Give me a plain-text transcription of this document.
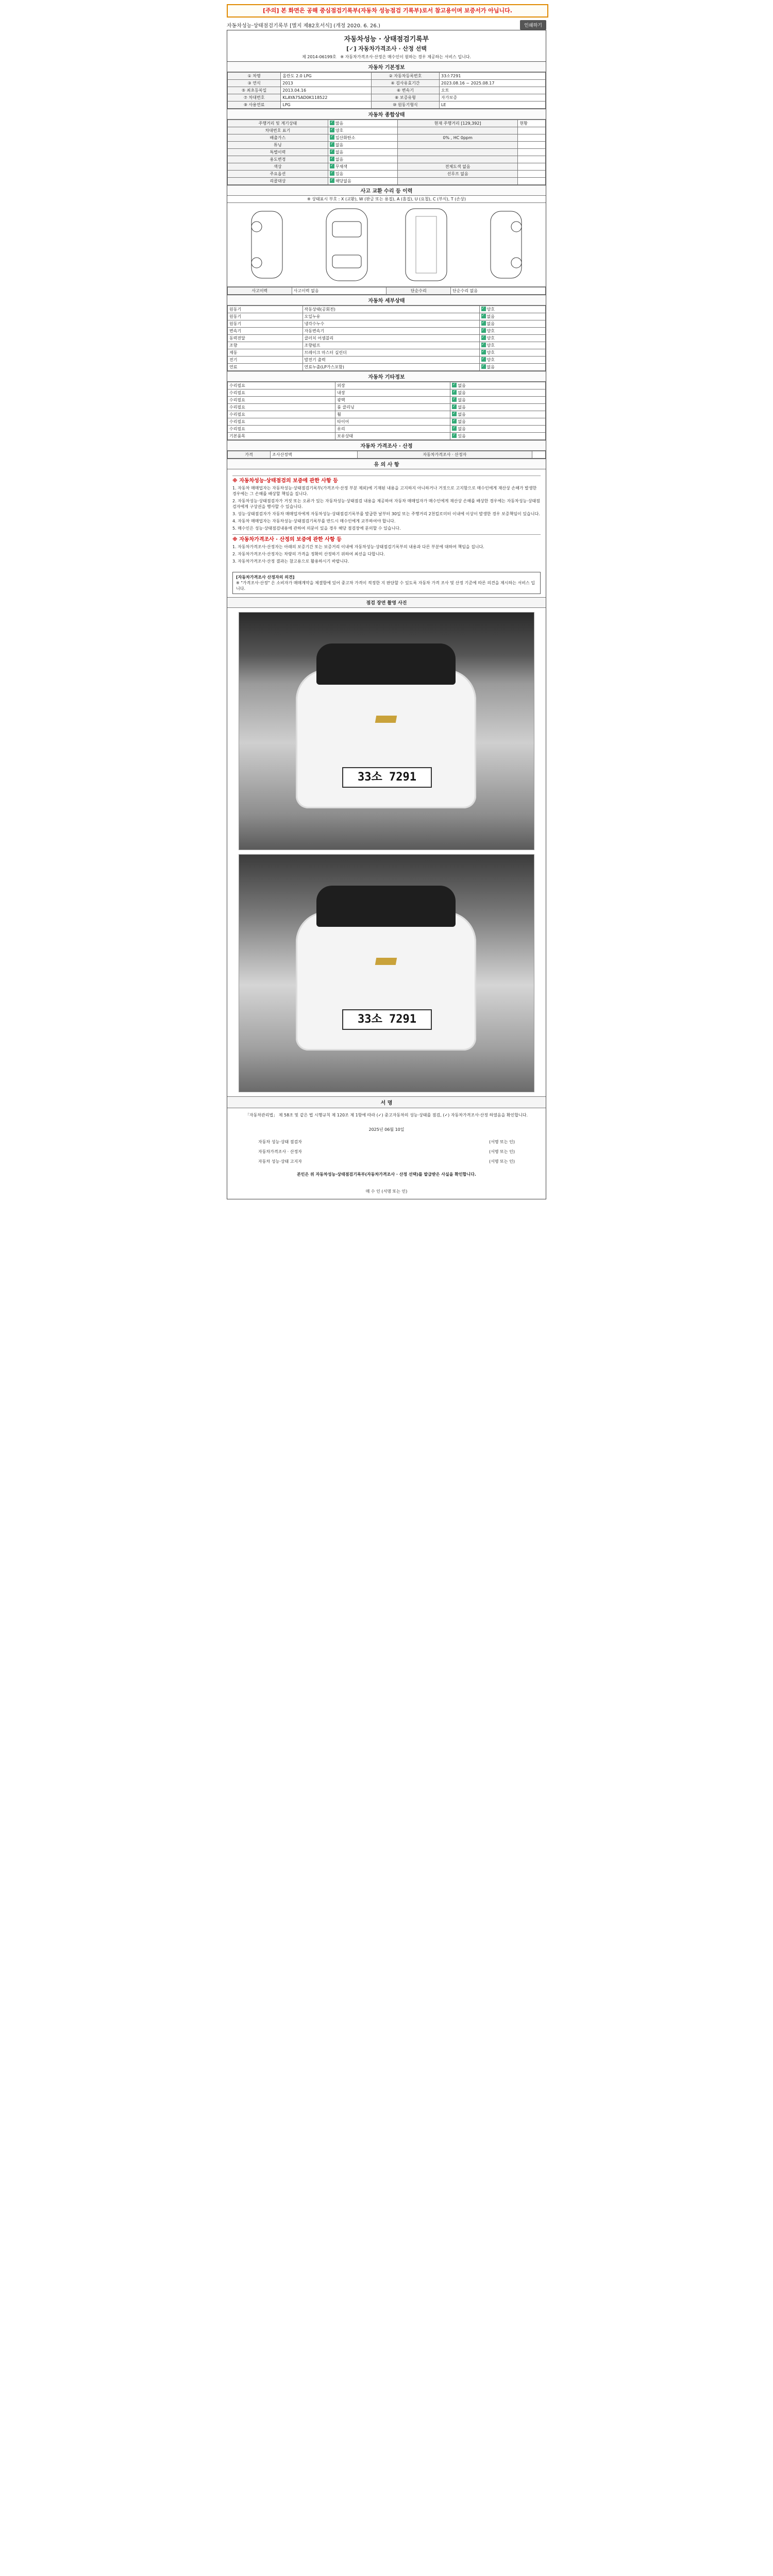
[주의] 본 화면은 공해 중심점검기록부(자동차 성능점검 기록부)로서 참고용이며 보증서가 아닙니다.
자동차성능·상태점검기록부 [별지 제82호서식] (개정 2020. 6. 26.)	인쇄하기
자동차성능 · 상태점검기록부
[✓] 자동차가격조사 · 산정 선택
제 2014-06199호 ※ 자동차가격조사·산정은 매수인이 원하는 경우 제공하는 서비스 입니다.
자동차 기본정보
① 차명	올란도 2.0 LPG	② 자동차등록번호	33소7291
③ 연식	2013	④ 검사유효기간	2023.08.16 ~ 2025.08.17
⑤ 최초등록일	2013.04.16	⑥ 변속기	오토
⑦ 차대번호	KLAYA75AD0K118522	⑧ 보증유형	자가보증
⑨ 사용연료	LPG	⑩ 원동기형식	LE
자동차 종합상태
주행거리 및 계기상태	✓많음	현재 주행거리 [129,392]	현황
차대번호 표기	✓양호		
배출가스	✓일산화탄소	0% , HC 0ppm	
튜닝	✓없음		
특별이력	✓없음		
용도변경	✓없음		
색상	✓무채색	전체도색 없음	
주요옵션	✓있음	선루프 없음	
리콜대상	✓해당없음		
사고 교환 수리 등 이력
※ 상태표시 부호 : X (교환), W (판금 또는 용접), A (흠집), U (요철), C (부식), T (손상)
사고이력	사고이력 없음	단순수리	단순수리 없음
자동차 세부상태
원동기	작동상태(공회전)	✓양호
원동기	오일누유	✓없음
원동기	냉각수누수	✓없음
변속기	자동변속기	✓양호
동력전달	클러치 어셈블리	✓양호
조향	조향펌프	✓양호
제동	브레이크 마스터 실린더	✓양호
전기	발전기 출력	✓양호
연료	연료누출(LP가스포함)	✓없음
자동차 기타정보
수리필요	외장	✓없음
수리필요	내장	✓없음
수리필요	광택	✓없음
수리필요	룸 클리닝	✓없음
수리필요	휠	✓없음
수리필요	타이어	✓없음
수리필요	유리	✓없음
기본품목	보유상태	✓있음
자동차 가격조사 · 산정
가격	조사산정액	자동차가격조사 · 산정자	
유 의 사 항
※ 자동차성능·상태점검의 보증에 관한 사항 등

1. 자동차 매매업자는 자동차성능·상태점검기록부(가격조사·산정 부분 제외)에 기재된 내용을 고지하지 아니하거나 거짓으로 고지함으로 매수인에게 재산상 손해가 발생한 경우에는 그 손해를 배상할 책임을 집니다.

2. 자동차성능·상태점검자가 거짓 또는 오류가 있는 자동차성능·상태점검 내용을 제공하여 자동차 매매업자가 매수인에게 재산상 손해를 배상한 경우에는 자동차성능·상태점검자에게 구상권을 행사할 수 있습니다.

3. 성능·상태점검자가 자동차 매매업자에게 자동차성능·상태점검기록부를 발급한 날부터 30일 또는 주행거리 2천킬로미터 이내에 이상이 발생한 경우 보증책임이 있습니다.

4. 자동차 매매업자는 자동차성능·상태점검기록부를 반드시 매수인에게 교부하여야 합니다.

5. 매수인은 성능·상태점검내용에 관하여 의문이 있을 경우 해당 점검장에 문의할 수 있습니다.

※ 자동차가격조사 · 산정의 보증에 관한 사항 등

1. 자동차가격조사·산정자는 아래의 보증기간 또는 보증거리 이내에 자동차성능·상태점검기록부의 내용과 다른 부분에 대하여 책임을 집니다.

2. 자동차가격조사·산정자는 차량의 가격을 정확히 산정하기 위하여 최선을 다합니다.

3. 자동차가격조사·산정 결과는 참고용으로 활용하시기 바랍니다.

[자동차가격조사 산정자의 의견]
※ "가격조사·산정" 은 소비자가 매매계약을 체결함에 있어 중고차 가격이 적정한 지 판단할 수 있도록 자동차 가격 조사 및 산정 기준에 따른 의견을 제시하는 서비스 입니다.
점검 장면 촬영 사진
33소 7291
33소 7291
서 명
「자동차관리법」 제 58조 및 같은 법 시행규칙 제 120조 제 1항에 따라 (✓) 중고자동차의 성능·상태를 점검, (✓) 자동차가격조사·산정 하였음을 확인합니다.
2025년 06월 10일
자동차 성능·상태 점검자	(서명 또는 인)
자동차가격조사 · 산정자	(서명 또는 인)
자동차 성능·상태 고지자	(서명 또는 인)
본인은 위 자동차성능·상태점검기록부(자동차가격조사 · 산정 선택)를 발급받은 사실을 확인합니다.
매 수 인 (서명 또는 인)
